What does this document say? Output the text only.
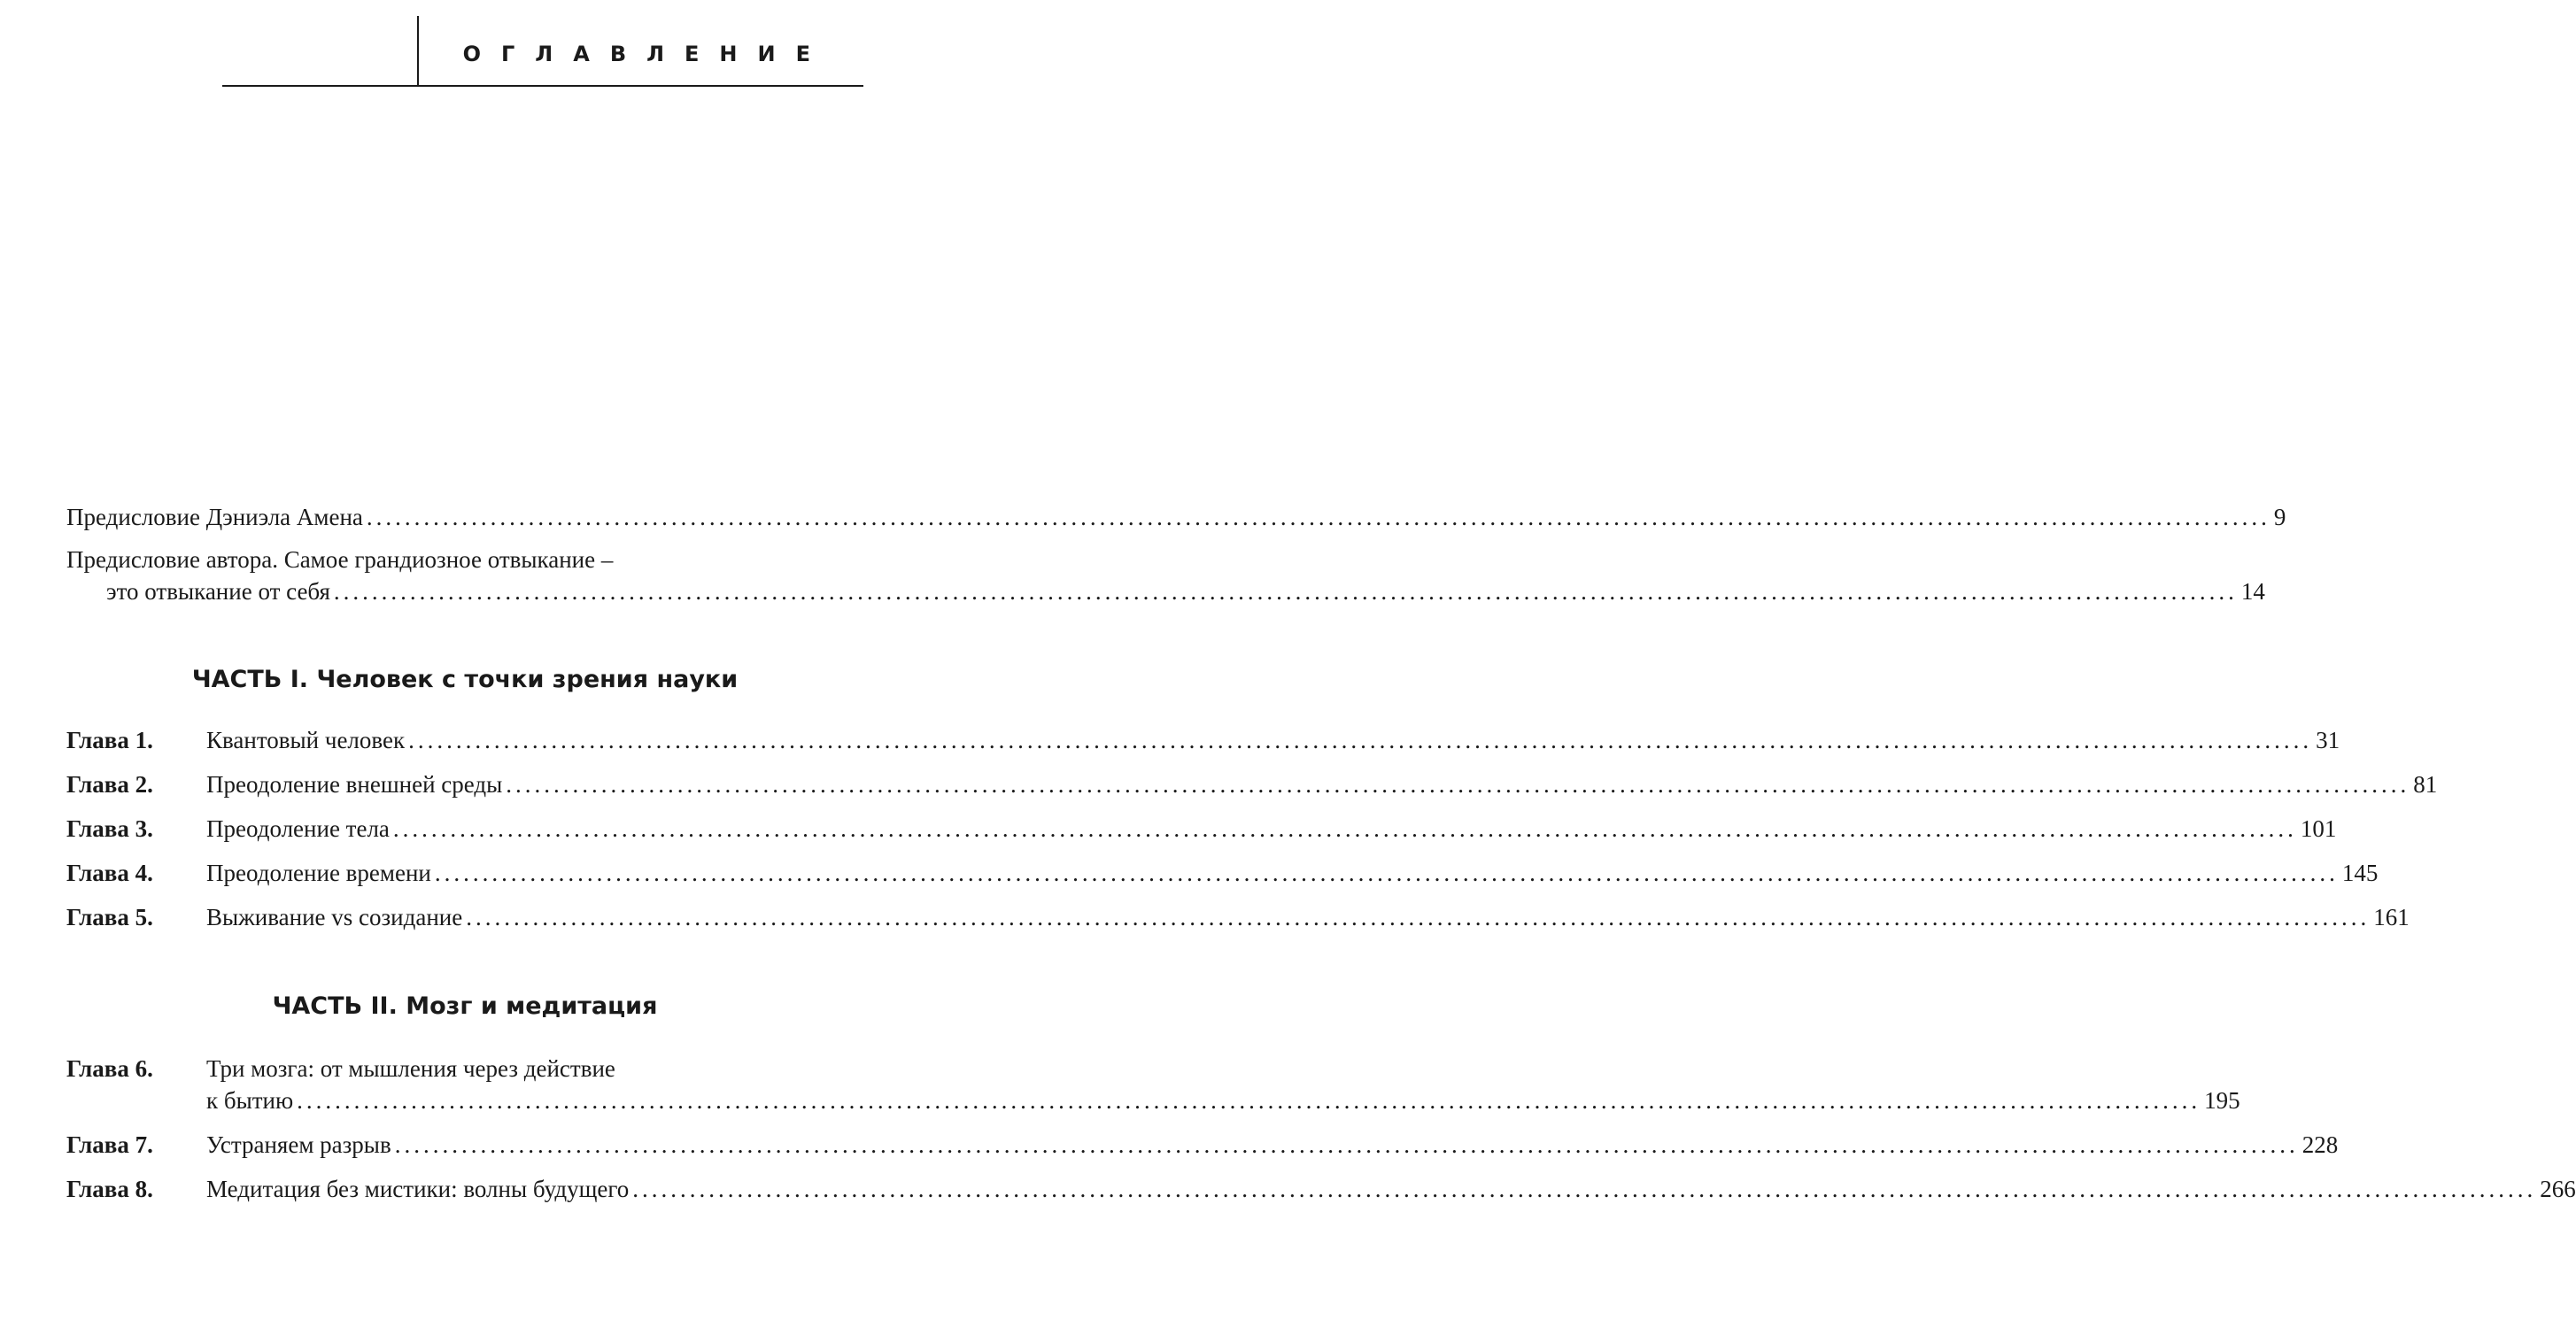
ОГЛАВЛЕНИЕ
Предисловие Дэниэла Амена ........................................................................................................................................................................................................ 9
Предисловие автора. Самое грандиозное отвыкание –
это отвыкание от себя ........................................................................................................................................................................................................ 14
ЧАСТЬ I. Человек с точки зрения науки
Глава 1.	Квантовый человек ........................................................................................................................................................................................................ 31
Глава 2.	Преодоление внешней среды ........................................................................................................................................................................................................ 81
Глава 3.	Преодоление тела ........................................................................................................................................................................................................ 101
Глава 4.	Преодоление времени ........................................................................................................................................................................................................ 145
Глава 5.	Выживание vs созидание ........................................................................................................................................................................................................ 161
ЧАСТЬ II. Мозг и медитация
Глава 6.	Три мозга: от мышления через действие
к бытию ........................................................................................................................................................................................................ 195
Глава 7.	Устраняем разрыв ........................................................................................................................................................................................................ 228
Глава 8.	Медитация без мистики: волны будущего ........................................................................................................................................................................................................ 266
